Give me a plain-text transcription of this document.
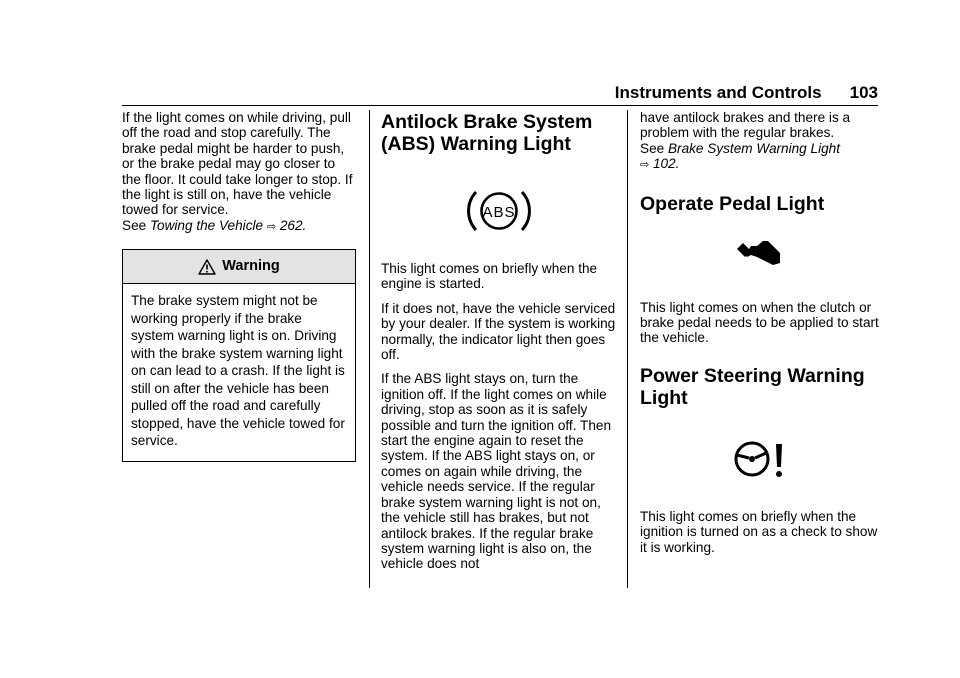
Instruments and Controls 103

If the light comes on while driving, pull off the road and stop carefully. The brake pedal might be harder to push, or the brake pedal may go closer to the floor. It could take longer to stop. If the light is still on, have the vehicle towed for service.
See Towing the Vehicle ⇨ 262.

Warning
The brake system might not be working properly if the brake system warning light is on. Driving with the brake system warning light on can lead to a crash. If the light is still on after the vehicle has been pulled off the road and carefully stopped, have the vehicle towed for service.
Antilock Brake System (ABS) Warning Light
ABS

This light comes on briefly when the engine is started.

If it does not, have the vehicle serviced by your dealer. If the system is working normally, the indicator light then goes off.

If the ABS light stays on, turn the ignition off. If the light comes on while driving, stop as soon as it is safely possible and turn the ignition off. Then start the engine again to reset the system. If the ABS light stays on, or comes on again while driving, the vehicle needs service. If the regular brake system warning light is not on, the vehicle still has brakes, but not antilock brakes. If the regular brake system warning light is also on, the vehicle does not

have antilock brakes and there is a problem with the regular brakes.
See Brake System Warning Light
⇨ 102.

Operate Pedal Light

This light comes on when the clutch or brake pedal needs to be applied to start the vehicle.

Power Steering Warning Light

This light comes on briefly when the ignition is turned on as a check to show it is working.
